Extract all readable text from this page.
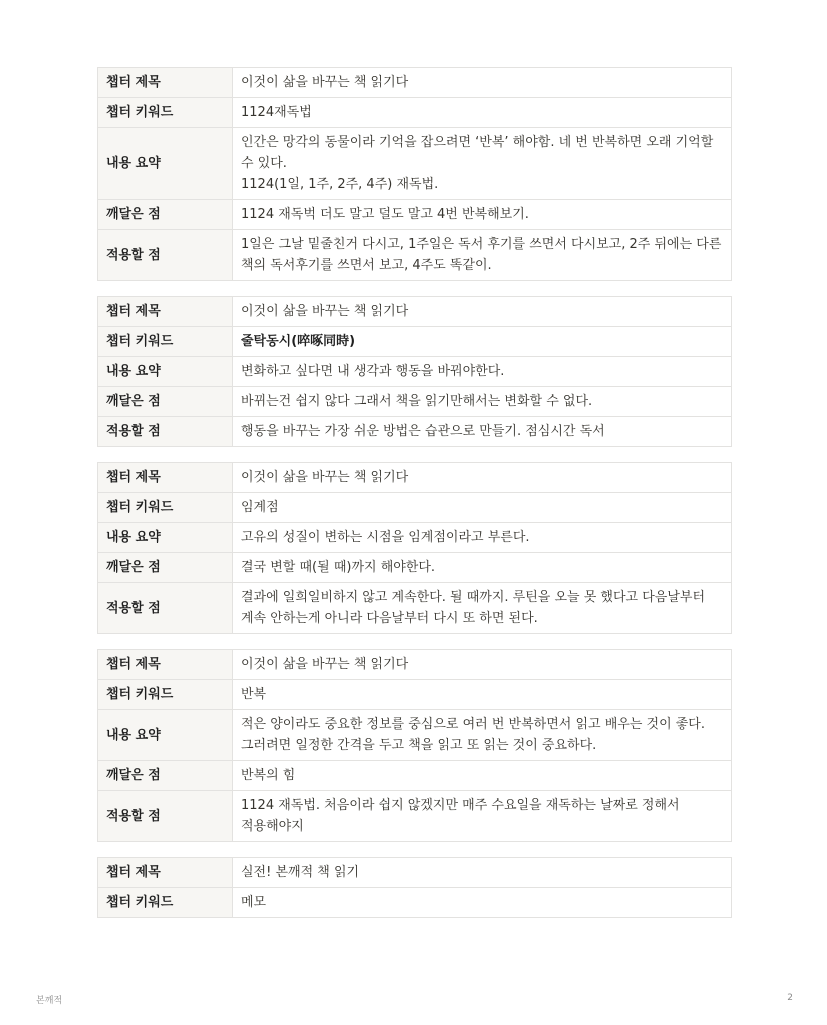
챕터 제목	이것이 삶을 바꾸는 책 읽기다
챕터 키워드	1124재독법
내용 요약	인간은 망각의 동물이라 기억을 잡으려면 ‘반복’ 해야함. 네 번 반복하면 오래 기억할 수 있다.
1124(1일, 1주, 2주, 4주) 재독법.

깨달은 점	1124 재독벅 더도 말고 덜도 말고 4번 반복해보기.
적용할 점	1일은 그날 밑줄친거 다시고, 1주일은 독서 후기를 쓰면서 다시보고, 2주 뒤에는 다른 책의 독서후기를 쓰면서 보고, 4주도 똑같이.
챕터 제목	이것이 삶을 바꾸는 책 읽기다
챕터 키워드	줄탁동시(啐啄同時)
내용 요약	변화하고 싶다면 내 생각과 행동을 바꿔야한다.
깨달은 점	바뀌는건 쉽지 않다 그래서 책을 읽기만해서는 변화할 수 없다.
적용할 점	행동을 바꾸는 가장 쉬운 방법은 습관으로 만들기. 점심시간 독서
챕터 제목	이것이 삶을 바꾸는 책 읽기다
챕터 키워드	임계점
내용 요약	고유의 성질이 변하는 시점을 임계점이라고 부른다.
깨달은 점	결국 변할 때(될 때)까지 해야한다.
적용할 점	결과에 일희일비하지 않고 계속한다. 될 때까지. 루틴을 오늘 못 했다고 다음날부터 계속 안하는게 아니라 다음날부터 다시 또 하면 된다.
챕터 제목	이것이 삶을 바꾸는 책 읽기다
챕터 키워드	반복
내용 요약	적은 양이라도 중요한 정보를 중심으로 여러 번 반복하면서 읽고 배우는 것이 좋다. 그러려면 일정한 간격을 두고 책을 읽고 또 읽는 것이 중요하다.
깨달은 점	반복의 힘
적용할 점	1124 재독법. 처음이라 쉽지 않겠지만 매주 수요일을 재독하는 날짜로 정해서 적용해야지
챕터 제목	실전! 본깨적 책 읽기
챕터 키워드	메모
본깨적	2
